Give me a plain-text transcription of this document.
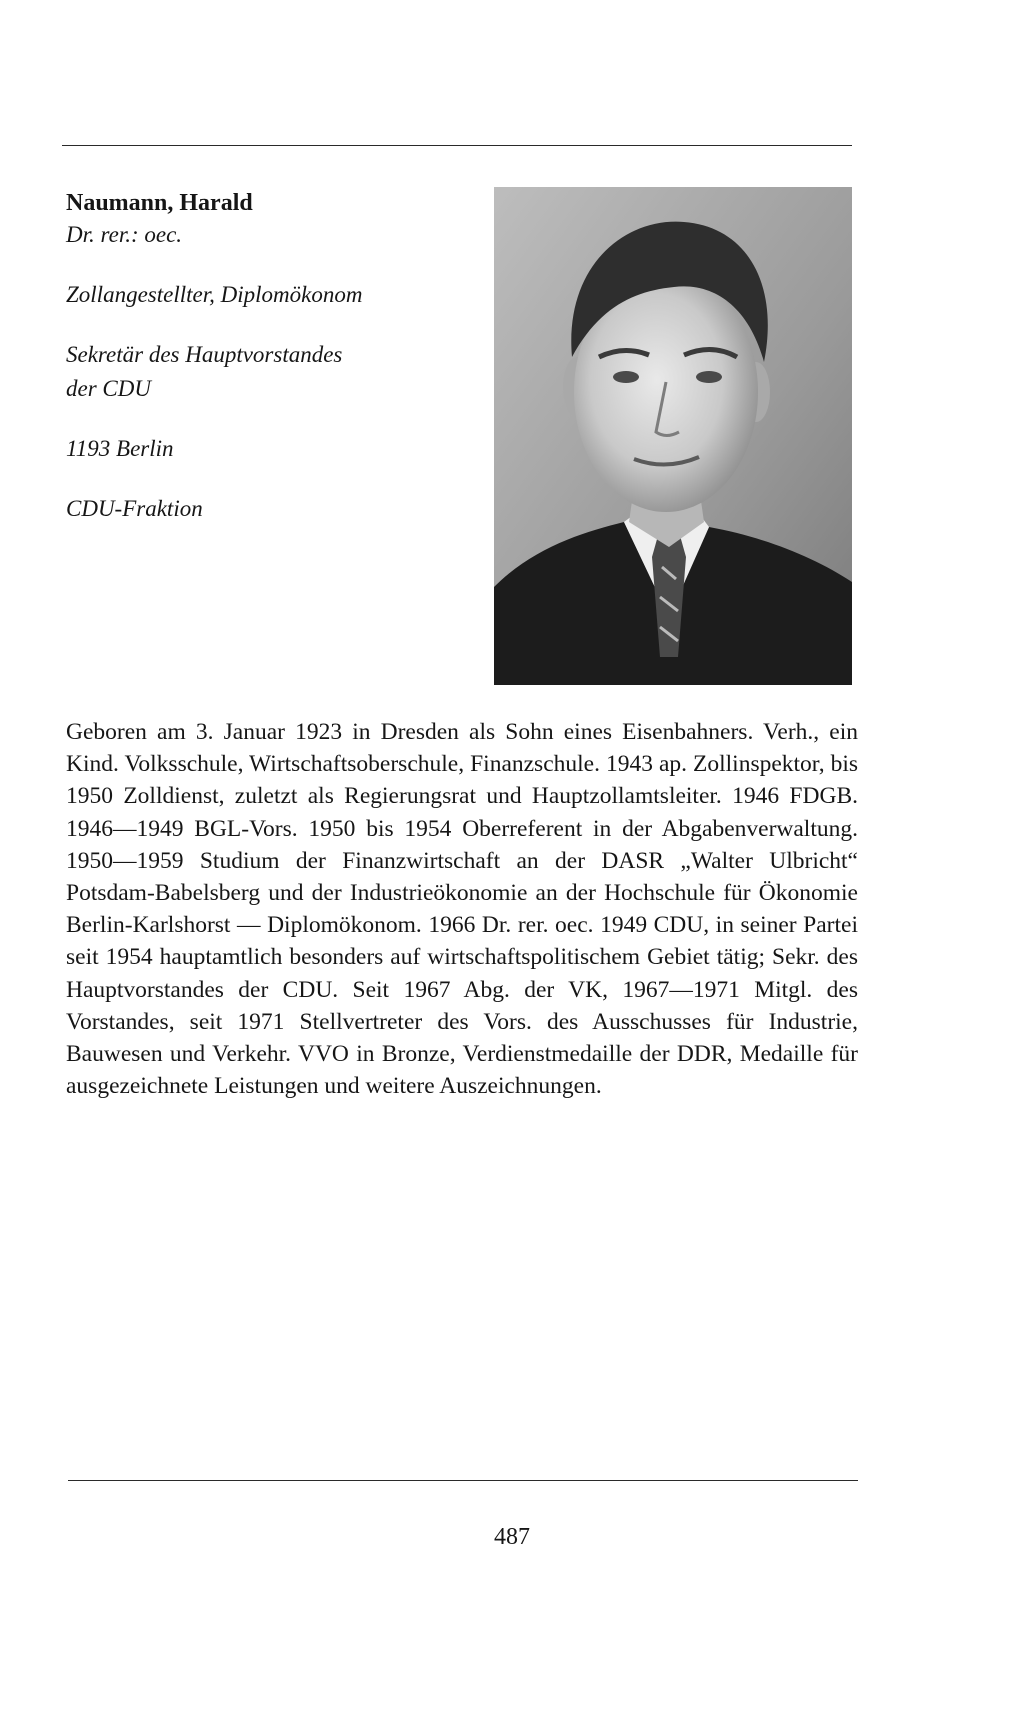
Naumann, Harald

Dr. rer.: oec.

Zollangestellter, Diplomökonom

Sekretär des Hauptvorstandes

der CDU

1193 Berlin

CDU-Fraktion

Geboren am 3. Januar 1923 in Dresden als Sohn eines Eisenbahners. Verh., ein Kind. Volksschule, Wirtschaftsoberschule, Finanzschule. 1943 ap. Zollinspektor, bis 1950 Zolldienst, zuletzt als Regierungsrat und Hauptzollamtsleiter. 1946 FDGB. 1946—1949 BGL-Vors. 1950 bis 1954 Oberreferent in der Abgabenverwaltung. 1950—1959 Studium der Finanzwirtschaft an der DASR „Walter Ulbricht“ Potsdam-Babelsberg und der Industrieökonomie an der Hochschule für Ökonomie Berlin-Karlshorst — Diplomökonom. 1966 Dr. rer. oec. 1949 CDU, in seiner Partei seit 1954 hauptamtlich besonders auf wirtschaftspolitischem Gebiet tätig; Sekr. des Hauptvorstandes der CDU. Seit 1967 Abg. der VK, 1967—1971 Mitgl. des Vorstandes, seit 1971 Stellvertreter des Vors. des Ausschusses für Industrie, Bauwesen und Verkehr. VVO in Bronze, Verdienstmedaille der DDR, Medaille für ausgezeichnete Leistungen und weitere Auszeichnungen.

487
